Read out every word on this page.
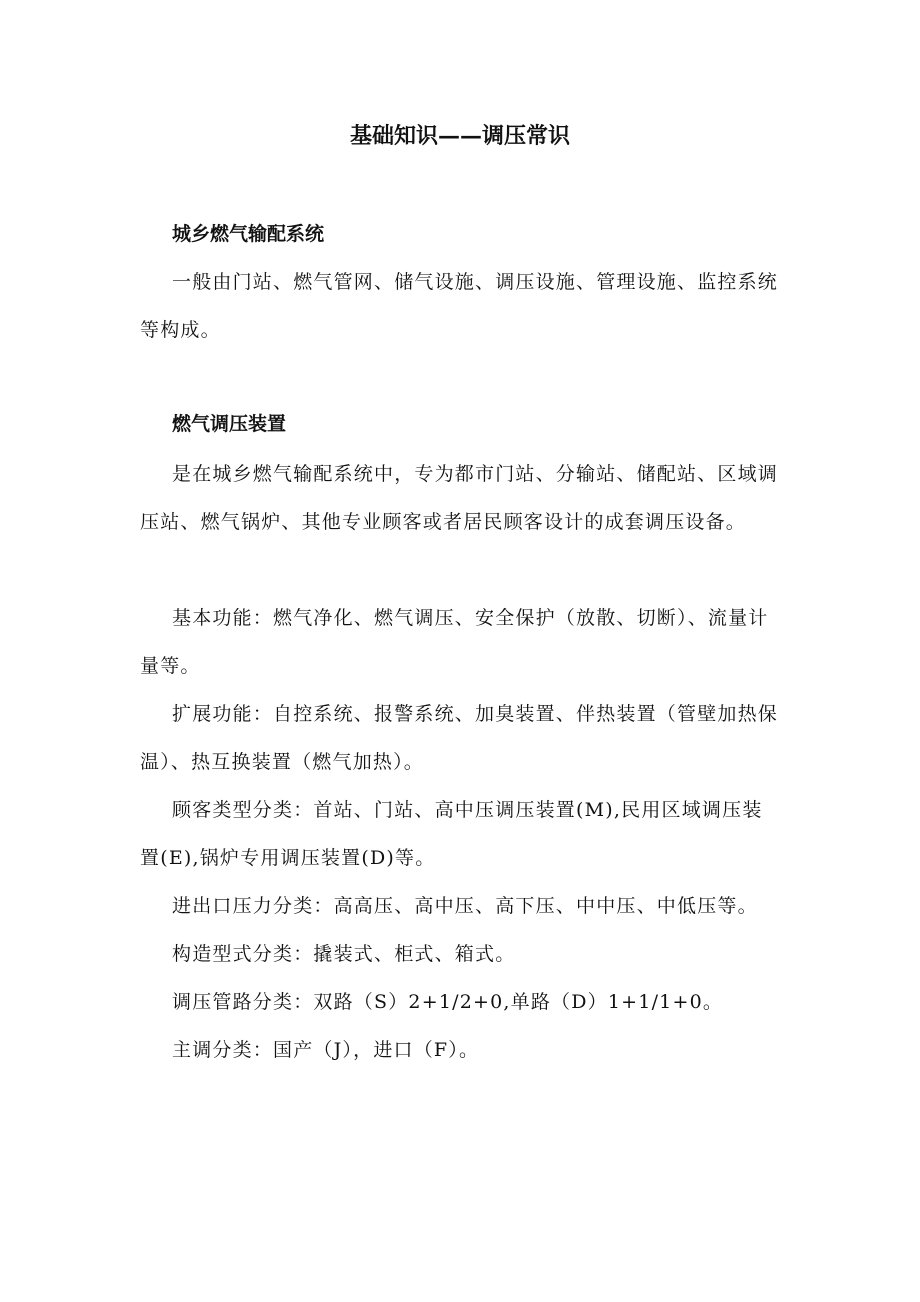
基础知识——调压常识
城乡燃气输配系统
一般由门站、燃气管网、储气设施、调压设施、管理设施、监控系统等构成。
燃气调压装置
是在城乡燃气输配系统中，专为都市门站、分输站、储配站、区域调压站、燃气锅炉、其他专业顾客或者居民顾客设计的成套调压设备。
基本功能：燃气净化、燃气调压、安全保护（放散、切断）、流量计量等。
扩展功能：自控系统、报警系统、加臭装置、伴热装置（管壁加热保温）、热互换装置（燃气加热）。
顾客类型分类：首站、门站、高中压调压装置(M),民用区域调压装置(E),锅炉专用调压装置(D)等。
进出口压力分类：高高压、高中压、高下压、中中压、中低压等。
构造型式分类：撬装式、柜式、箱式。
调压管路分类：双路（S）2+1/2+0,单路（D）1+1/1+0。
主调分类：国产（J），进口（F）。
